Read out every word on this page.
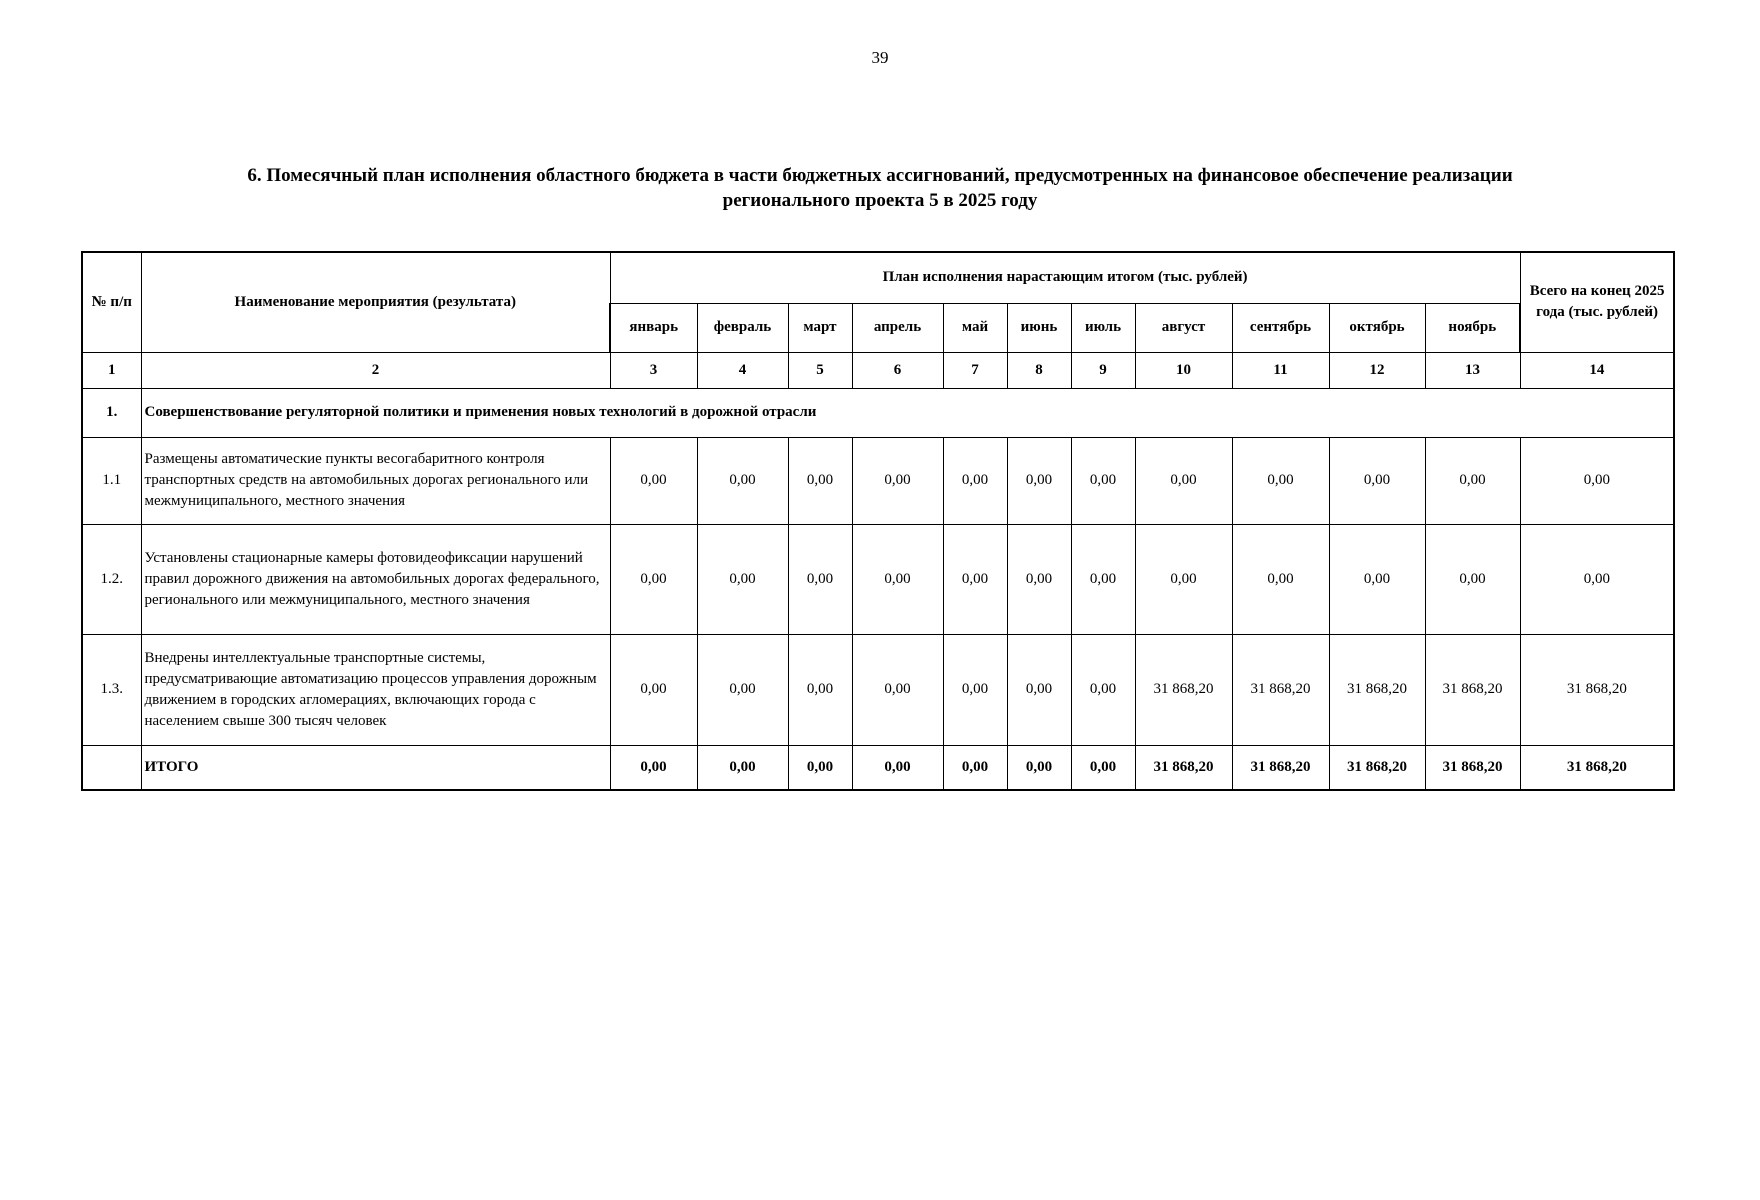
39
6. Помесячный план исполнения областного бюджета в части бюджетных ассигнований, предусмотренных на финансовое обеспечение реализации
регионального проекта 5 в 2025 году
№ п/п	Наименование мероприятия (результата)	План исполнения нарастающим итогом (тыс. рублей)											Всего на конец 2025 года (тыс. рублей)
		январь	февраль	март	апрель	май	июнь	июль	август	сентябрь	октябрь	ноябрь	
1	2	3	4	5	6	7	8	9	10	11	12	13	14
1.	Совершенствование регуляторной политики и применения новых технологий в дорожной отрасли												
1.1	Размещены автоматические пункты весогабаритного контроля транспортных средств на автомобильных дорогах регионального или межмуниципального, местного значения	0,00	0,00	0,00	0,00	0,00	0,00	0,00	0,00	0,00	0,00	0,00	0,00
1.2.	Установлены стационарные камеры фотовидеофиксации нарушений правил дорожного движения на автомобильных дорогах федерального, регионального или межмуниципального, местного значения	0,00	0,00	0,00	0,00	0,00	0,00	0,00	0,00	0,00	0,00	0,00	0,00
1.3.	Внедрены интеллектуальные транспортные системы, предусматривающие автоматизацию процессов управления дорожным движением в городских агломерациях, включающих города с населением свыше 300 тысяч человек	0,00	0,00	0,00	0,00	0,00	0,00	0,00	31 868,20	31 868,20	31 868,20	31 868,20	31 868,20
	ИТОГО	0,00	0,00	0,00	0,00	0,00	0,00	0,00	31 868,20	31 868,20	31 868,20	31 868,20	31 868,20
